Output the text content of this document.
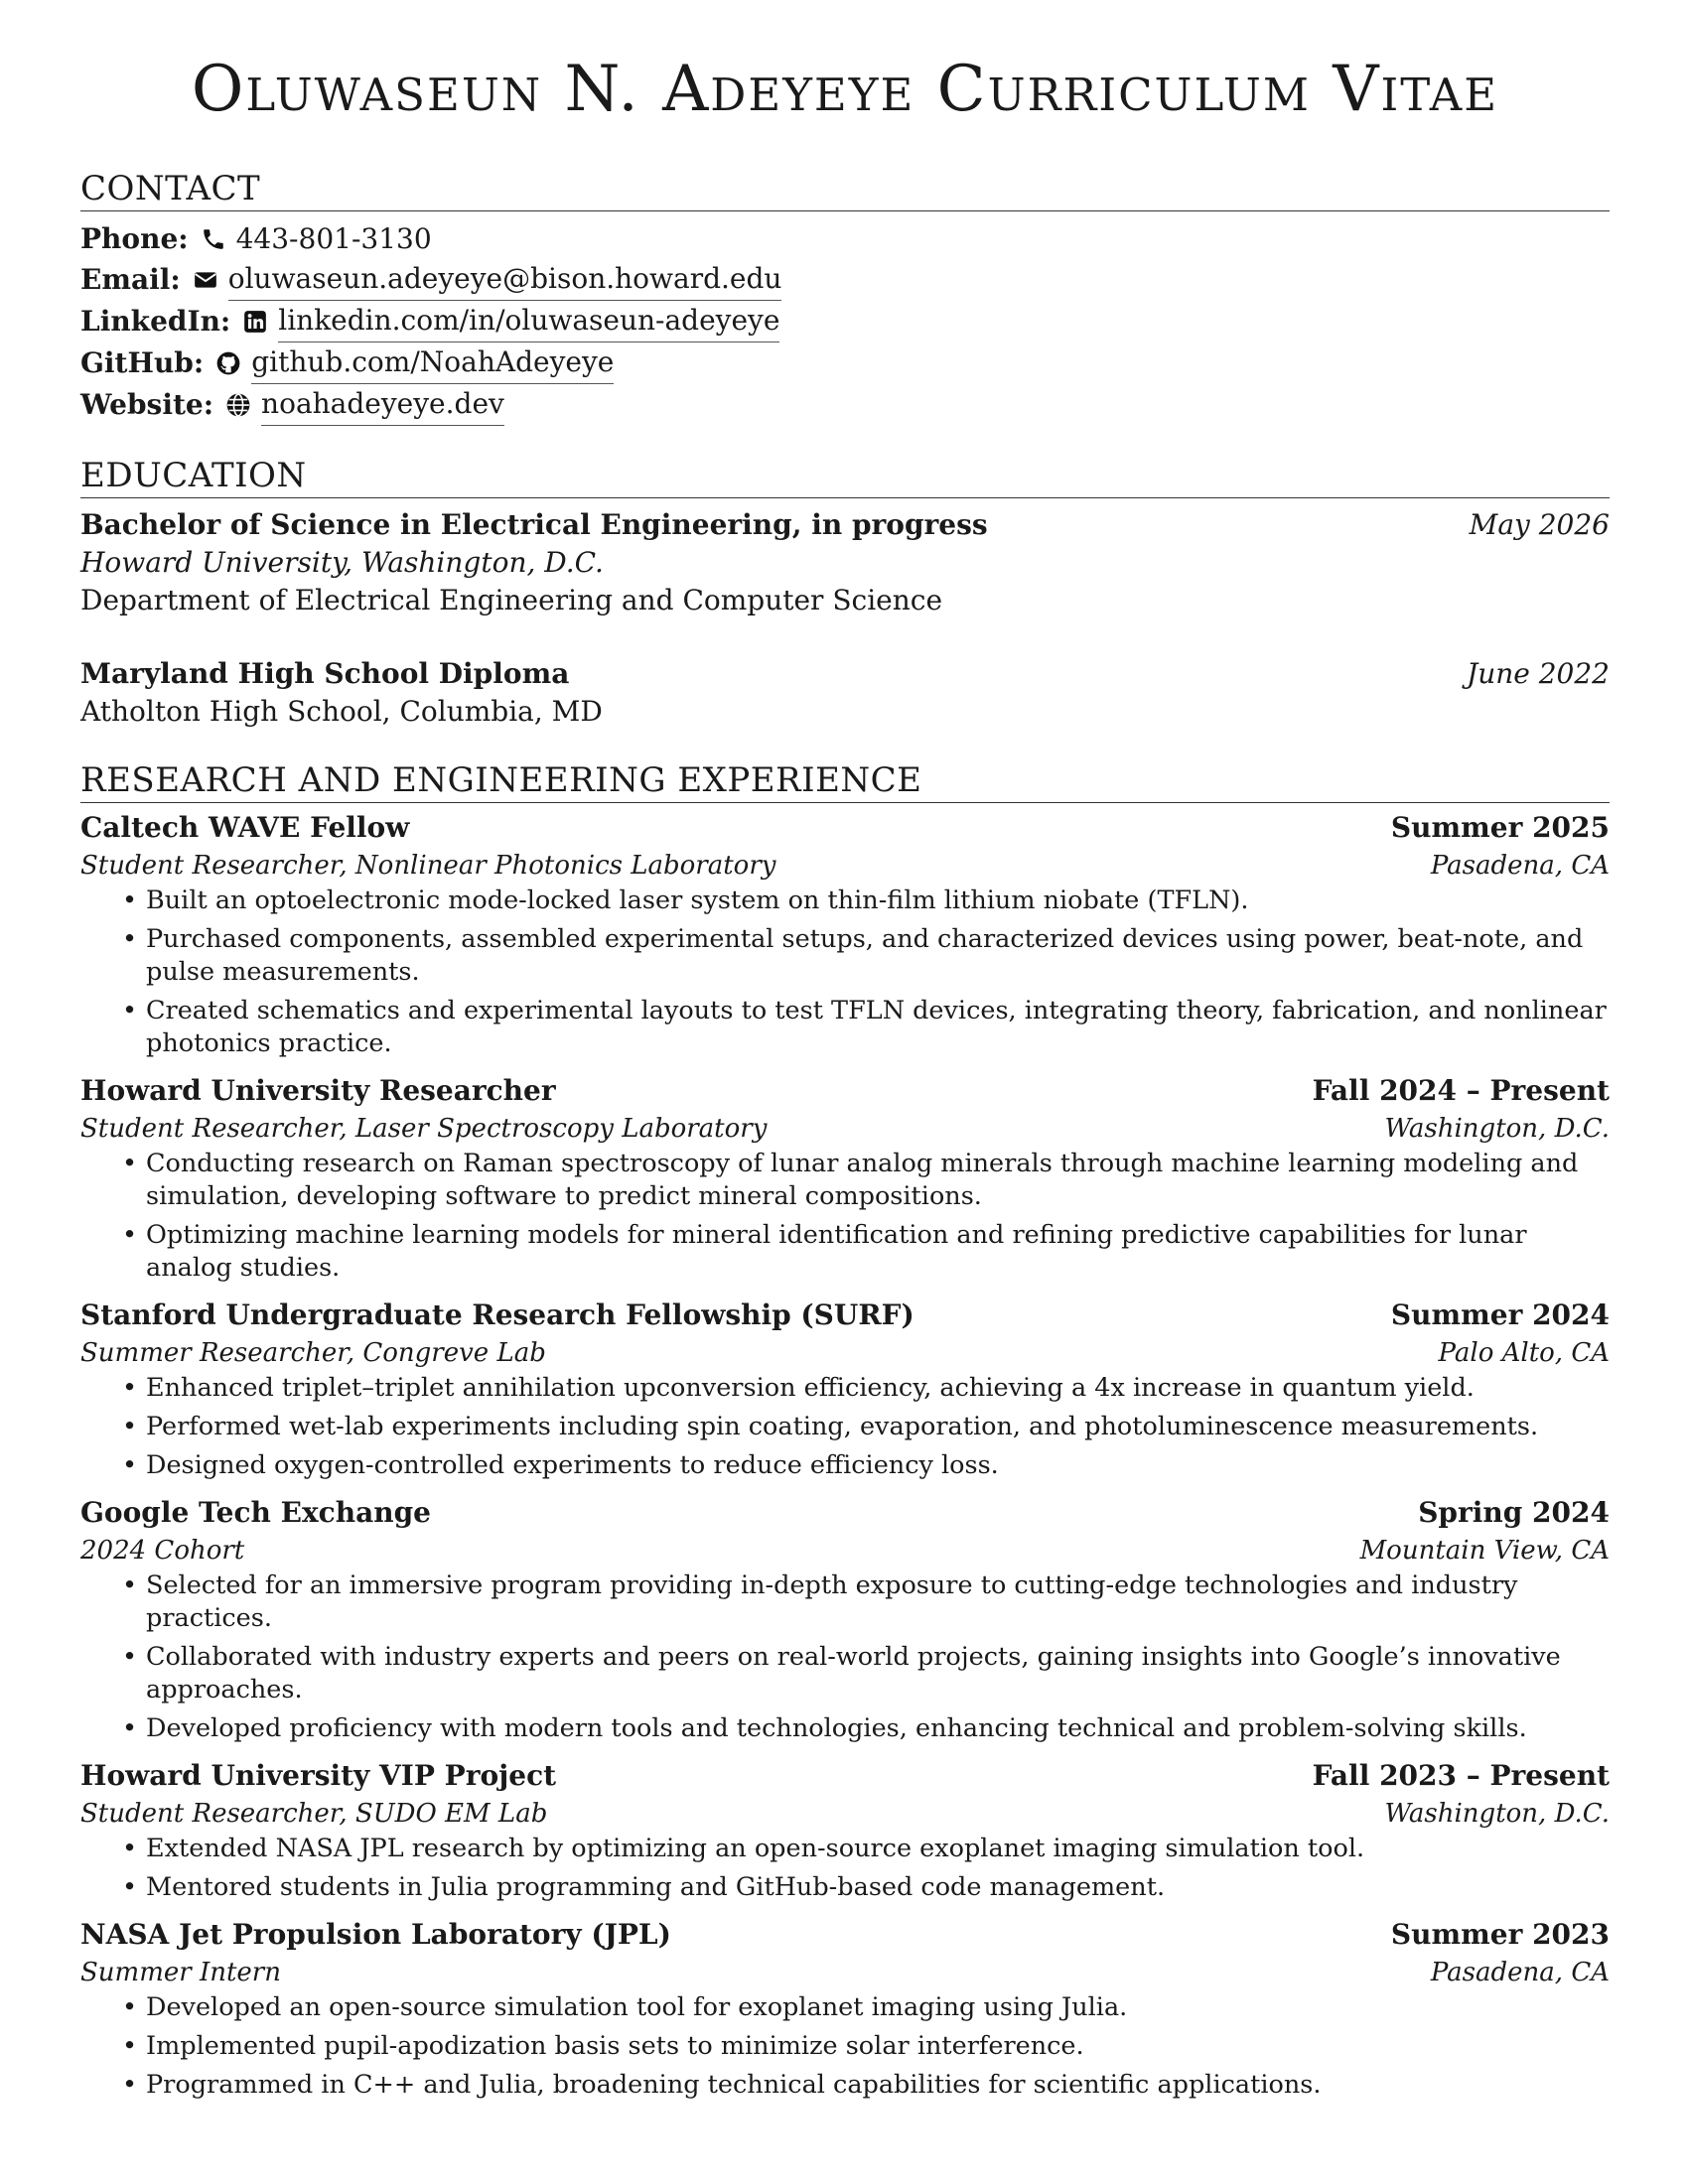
Oluwaseun N. Adeyeye Curriculum Vitae
CONTACT
Phone: 443-801-3130
Email: oluwaseun.adeyeye@bison.howard.edu
LinkedIn: linkedin.com/in/oluwaseun-adeyeye
GitHub: github.com/NoahAdeyeye
Website: noahadeyeye.dev
EDUCATION
Bachelor of Science in Electrical Engineering, in progress	May 2026
Howard University, Washington, D.C.
Department of Electrical Engineering and Computer Science
Maryland High School Diploma	June 2022
Atholton High School, Columbia, MD
RESEARCH AND ENGINEERING EXPERIENCE
Caltech WAVE Fellow	Summer 2025
Student Researcher, Nonlinear Photonics Laboratory	Pasadena, CA
• Built an optoelectronic mode-locked laser system on thin-film lithium niobate (TFLN).
• Purchased components, assembled experimental setups, and characterized devices using power, beat-note, and pulse measurements.
• Created schematics and experimental layouts to test TFLN devices, integrating theory, fabrication, and nonlinear photonics practice.
Howard University Researcher	Fall 2024 – Present
Student Researcher, Laser Spectroscopy Laboratory	Washington, D.C.
• Conducting research on Raman spectroscopy of lunar analog minerals through machine learning modeling and simulation, developing software to predict mineral compositions.
• Optimizing machine learning models for mineral identification and refining predictive capabilities for lunar analog studies.
Stanford Undergraduate Research Fellowship (SURF)	Summer 2024
Summer Researcher, Congreve Lab	Palo Alto, CA
• Enhanced triplet–triplet annihilation upconversion efficiency, achieving a 4x increase in quantum yield.
• Performed wet-lab experiments including spin coating, evaporation, and photoluminescence measurements.
• Designed oxygen-controlled experiments to reduce efficiency loss.
Google Tech Exchange	Spring 2024
2024 Cohort	Mountain View, CA
• Selected for an immersive program providing in-depth exposure to cutting-edge technologies and industry practices.
• Collaborated with industry experts and peers on real-world projects, gaining insights into Google’s innovative approaches.
• Developed proficiency with modern tools and technologies, enhancing technical and problem-solving skills.
Howard University VIP Project	Fall 2023 – Present
Student Researcher, SUDO EM Lab	Washington, D.C.
• Extended NASA JPL research by optimizing an open-source exoplanet imaging simulation tool.
• Mentored students in Julia programming and GitHub-based code management.
NASA Jet Propulsion Laboratory (JPL)	Summer 2023
Summer Intern	Pasadena, CA
• Developed an open-source simulation tool for exoplanet imaging using Julia.
• Implemented pupil-apodization basis sets to minimize solar interference.
• Programmed in C++ and Julia, broadening technical capabilities for scientific applications.
